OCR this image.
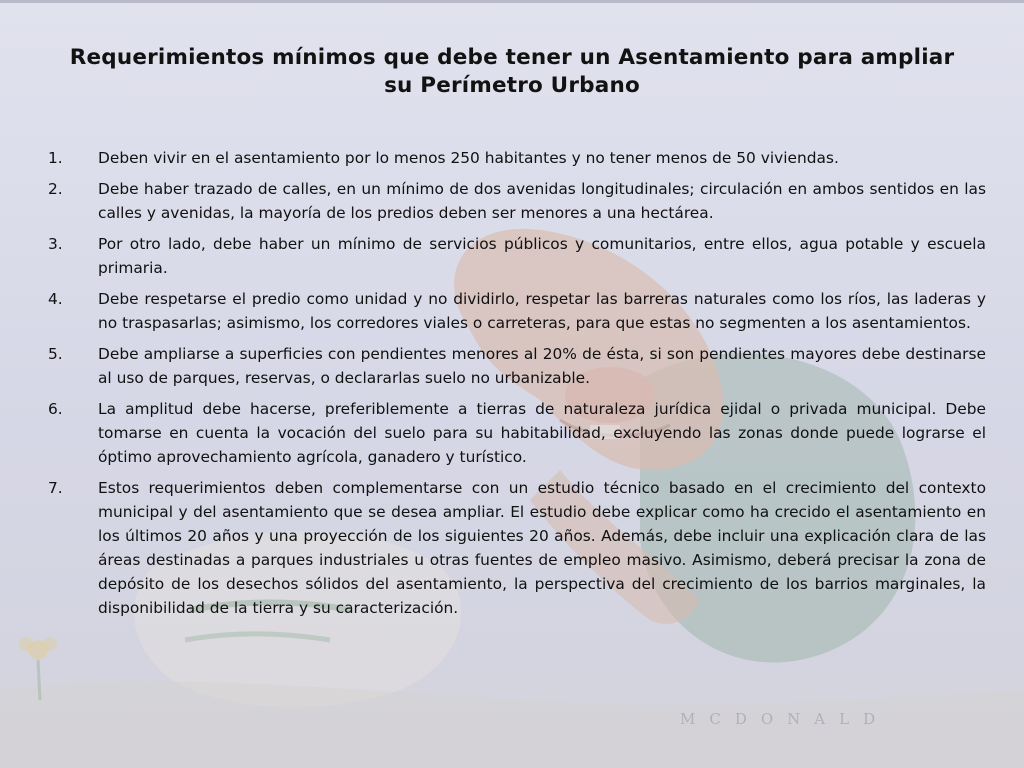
Requerimientos mínimos que debe tener un Asentamiento para ampliar su Perímetro Urbano
1.	Deben vivir en el asentamiento por lo menos 250 habitantes y no tener menos de 50 viviendas.
2.	Debe haber trazado de calles, en un mínimo de dos avenidas longitudinales; circulación en ambos sentidos en las calles y avenidas, la mayoría de los predios deben ser menores a una hectárea.
3.	Por otro lado, debe haber un mínimo de servicios públicos y comunitarios, entre ellos, agua potable y escuela primaria.
4.	Debe respetarse el predio como unidad y no dividirlo, respetar las barreras naturales como los ríos, las laderas y no traspasarlas; asimismo, los corredores viales o carreteras, para que estas no segmenten a los asentamientos.
5.	Debe ampliarse a superficies con pendientes menores al 20% de ésta, si son pendientes mayores debe destinarse al uso de parques, reservas, o declararlas suelo no urbanizable.
6.	La amplitud debe hacerse, preferiblemente a tierras de naturaleza jurídica ejidal o privada municipal. Debe tomarse en cuenta la vocación del suelo para su habitabilidad, excluyendo las zonas donde puede lograrse el óptimo aprovechamiento agrícola, ganadero y turístico.
7.	Estos requerimientos deben complementarse con un estudio técnico basado en el crecimiento del contexto municipal y del asentamiento que se desea ampliar. El estudio debe explicar como ha crecido el asentamiento en los últimos 20 años y una proyección de los siguientes 20 años. Además, debe incluir una explicación clara de las áreas destinadas a parques industriales u otras fuentes de empleo masivo. Asimismo, deberá precisar la zona de depósito de los desechos sólidos del asentamiento, la perspectiva del crecimiento de los barrios marginales, la disponibilidad de la tierra y su caracterización.
MCDONALD
